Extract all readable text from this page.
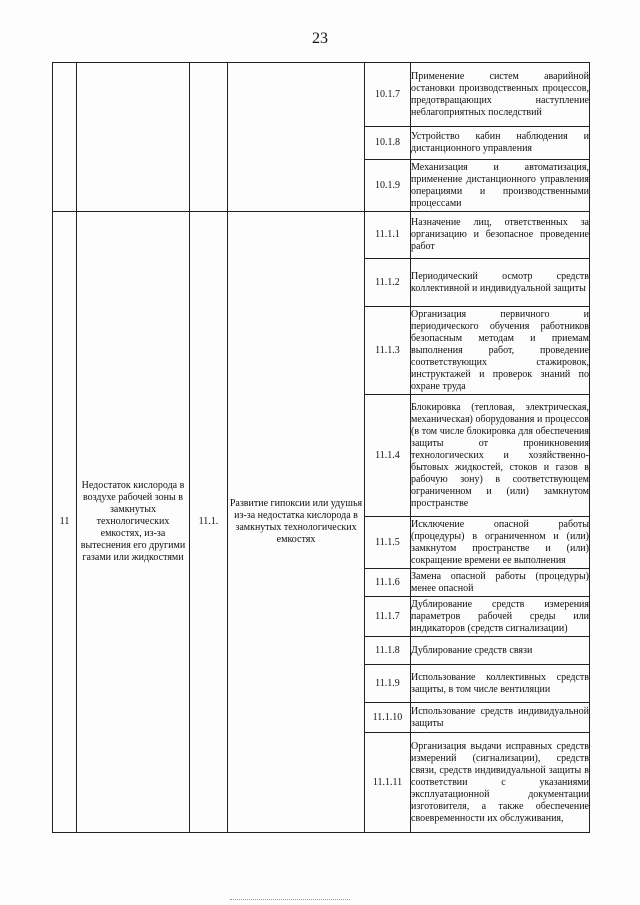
23
				10.1.7	Применение систем аварийной остановки производственных процессов, предотвращающих наступление неблагоприятных последствий
				10.1.8	Устройство кабин наблюдения и дистанционного управления
				10.1.9	Механизация и автоматизация, применение дистанционного управления операциями и производственными процессами
11	Недостаток кислорода в воздухе рабочей зоны в замкнутых технологических емкостях, из-за вытеснения его другими газами или жидкостями	11.1.	Развитие гипоксии или удушья из-за недостатка кислорода в замкнутых технологических емкостях	11.1.1	Назначение лиц, ответственных за организацию и безопасное проведение работ
				11.1.2	Периодический осмотр средств коллективной и индивидуальной защиты
				11.1.3	Организация первичного и периодического обучения работников безопасным методам и приемам выполнения работ, проведение соответствующих стажировок, инструктажей и проверок знаний по охране труда
				11.1.4	Блокировка (тепловая, электрическая, механическая) оборудования и процессов (в том числе блокировка для обеспечения защиты от проникновения технологических и хозяйственно-бытовых жидкостей, стоков и газов в рабочую зону) в соответствующем ограниченном и (или) замкнутом пространстве
				11.1.5	Исключение опасной работы (процедуры) в ограниченном и (или) замкнутом пространстве и (или) сокращение времени ее выполнения
				11.1.6	Замена опасной работы (процедуры) менее опасной
				11.1.7	Дублирование средств измерения параметров рабочей среды или индикаторов (средств сигнализации)
				11.1.8	Дублирование средств связи
				11.1.9	Использование коллективных средств защиты, в том числе вентиляции
				11.1.10	Использование средств индивидуальной защиты
				11.1.11	Организация выдачи исправных средств измерений (сигнализации), средств связи, средств индивидуальной защиты в соответствии с указаниями эксплуатационной документации изготовителя, а также обеспечение своевременности их обслуживания,
